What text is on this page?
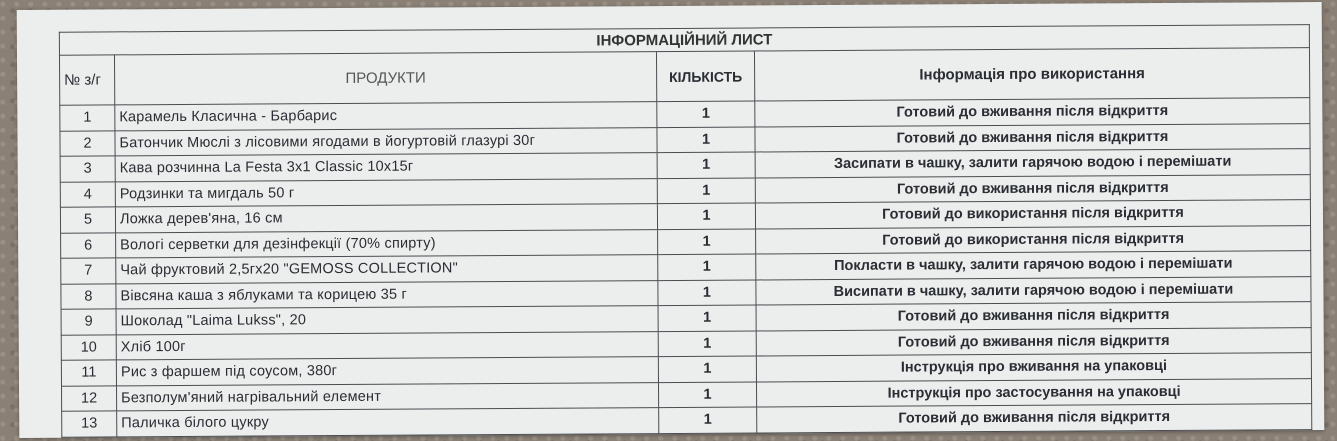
ІНФОРМАЦІЙНИЙ ЛИСТ			
№ з/г	ПРОДУКТИ	КІЛЬКІСТЬ	Інформація про використання
1	Карамель Класична - Барбарис	1	Готовий до вживання після відкриття
2	Батончик Мюслі з лісовими ягодами в йогуртовій глазурі 30г	1	Готовий до вживання після відкриття
3	Кава розчинна La Festa 3х1 Classic 10х15г	1	Засипати в чашку, залити гарячою водою і перемішати
4	Родзинки та мигдаль 50 г	1	Готовий до вживання після відкриття
5	Ложка дерев'яна, 16 см	1	Готовий до використання після відкриття
6	Вологі серветки для дезінфекції (70% спирту)	1	Готовий до використання після відкриття
7	Чай фруктовий 2,5гх20 "GEMOSS COLLECTION"	1	Покласти в чашку, залити гарячою водою і перемішати
8	Вівсяна каша з яблуками та корицею 35 г	1	Висипати в чашку, залити гарячою водою і перемішати
9	Шоколад "Laima Lukss", 20	1	Готовий до вживання після відкриття
10	Хліб 100г	1	Готовий до вживання після відкриття
11	Рис з фаршем під соусом, 380г	1	Інструкція про вживання на упаковці
12	Безполум'яний нагрівальний елемент	1	Інструкція про застосування на упаковці
13	Паличка білого цукру	1	Готовий до вживання після відкриття
